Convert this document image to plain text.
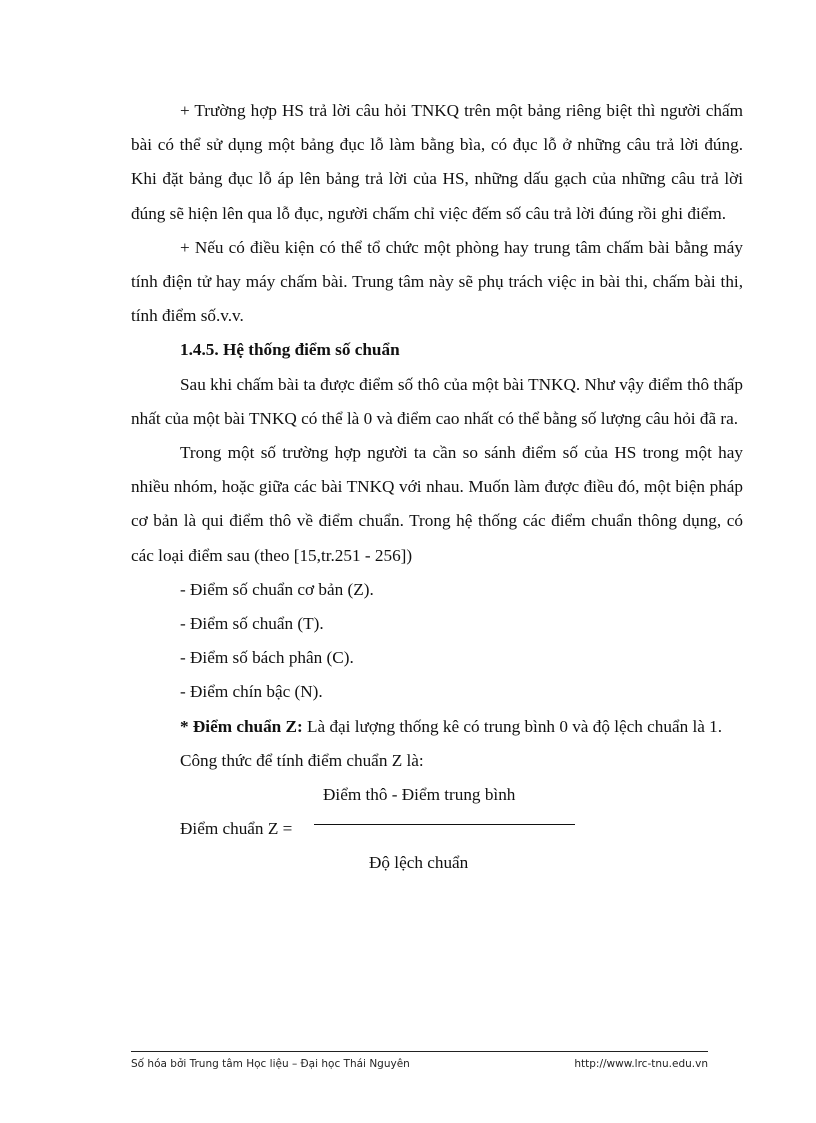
+ Trường hợp HS trả lời câu hỏi TNKQ trên một bảng riêng biệt thì người chấm bài có thể sử dụng một bảng đục lỗ làm bằng bìa, có đục lỗ ở những câu trả lời đúng. Khi đặt bảng đục lỗ áp lên bảng trả lời của HS, những dấu gạch của những câu trả lời đúng sẽ hiện lên qua lỗ đục, người chấm chỉ việc đếm số câu trả lời đúng rồi ghi điểm.

+ Nếu có điều kiện có thể tổ chức một phòng hay trung tâm chấm bài bằng máy tính điện tử hay máy chấm bài. Trung tâm này sẽ phụ trách việc in bài thi, chấm bài thi, tính điểm số.v.v.

1.4.5. Hệ thống điểm số chuẩn

Sau khi chấm bài ta được điểm số thô của một bài TNKQ. Như vậy điểm thô thấp nhất của một bài TNKQ có thể là 0 và điểm cao nhất có thể bằng số lượng câu hỏi đã ra.

Trong một số trường hợp người ta cần so sánh điểm số của HS trong một hay nhiều nhóm, hoặc giữa các bài TNKQ với nhau. Muốn làm được điều đó, một biện pháp cơ bản là qui điểm thô về điểm chuẩn. Trong hệ thống các điểm chuẩn thông dụng, có các loại điểm sau (theo [15,tr.251 - 256])

- Điểm số chuẩn cơ bản (Z).

- Điểm số chuẩn (T).

- Điểm số bách phân (C).

- Điểm chín bậc (N).

* Điểm chuẩn Z: Là đại lượng thống kê có trung bình 0 và độ lệch chuẩn là 1.

Công thức để tính điểm chuẩn Z là:

Điểm thô - Điểm trung bình
Điểm chuẩn Z =
Độ lệch chuẩn
Số hóa bởi Trung tâm Học liệu – Đại học Thái Nguyên	http://www.lrc-tnu.edu.vn
